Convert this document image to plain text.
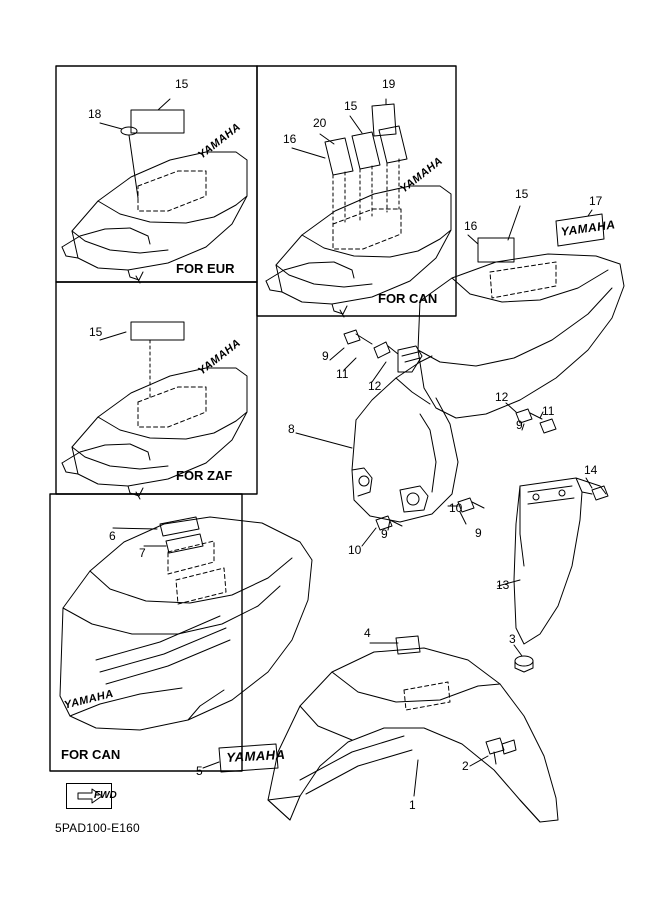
FOR EUR
FOR CAN
FOR ZAF
FOR CAN
YAMAHA
YAMAHA
YAMAHA
YAMAHA
YAMAHA
YAMAHA
15
18
19
15
20
16
15	17
16
15
9
11
12
12
11
9
8
14
10
9
10
9
13
6
7
4	3
2
5
1
FWD
5PAD100-E160
